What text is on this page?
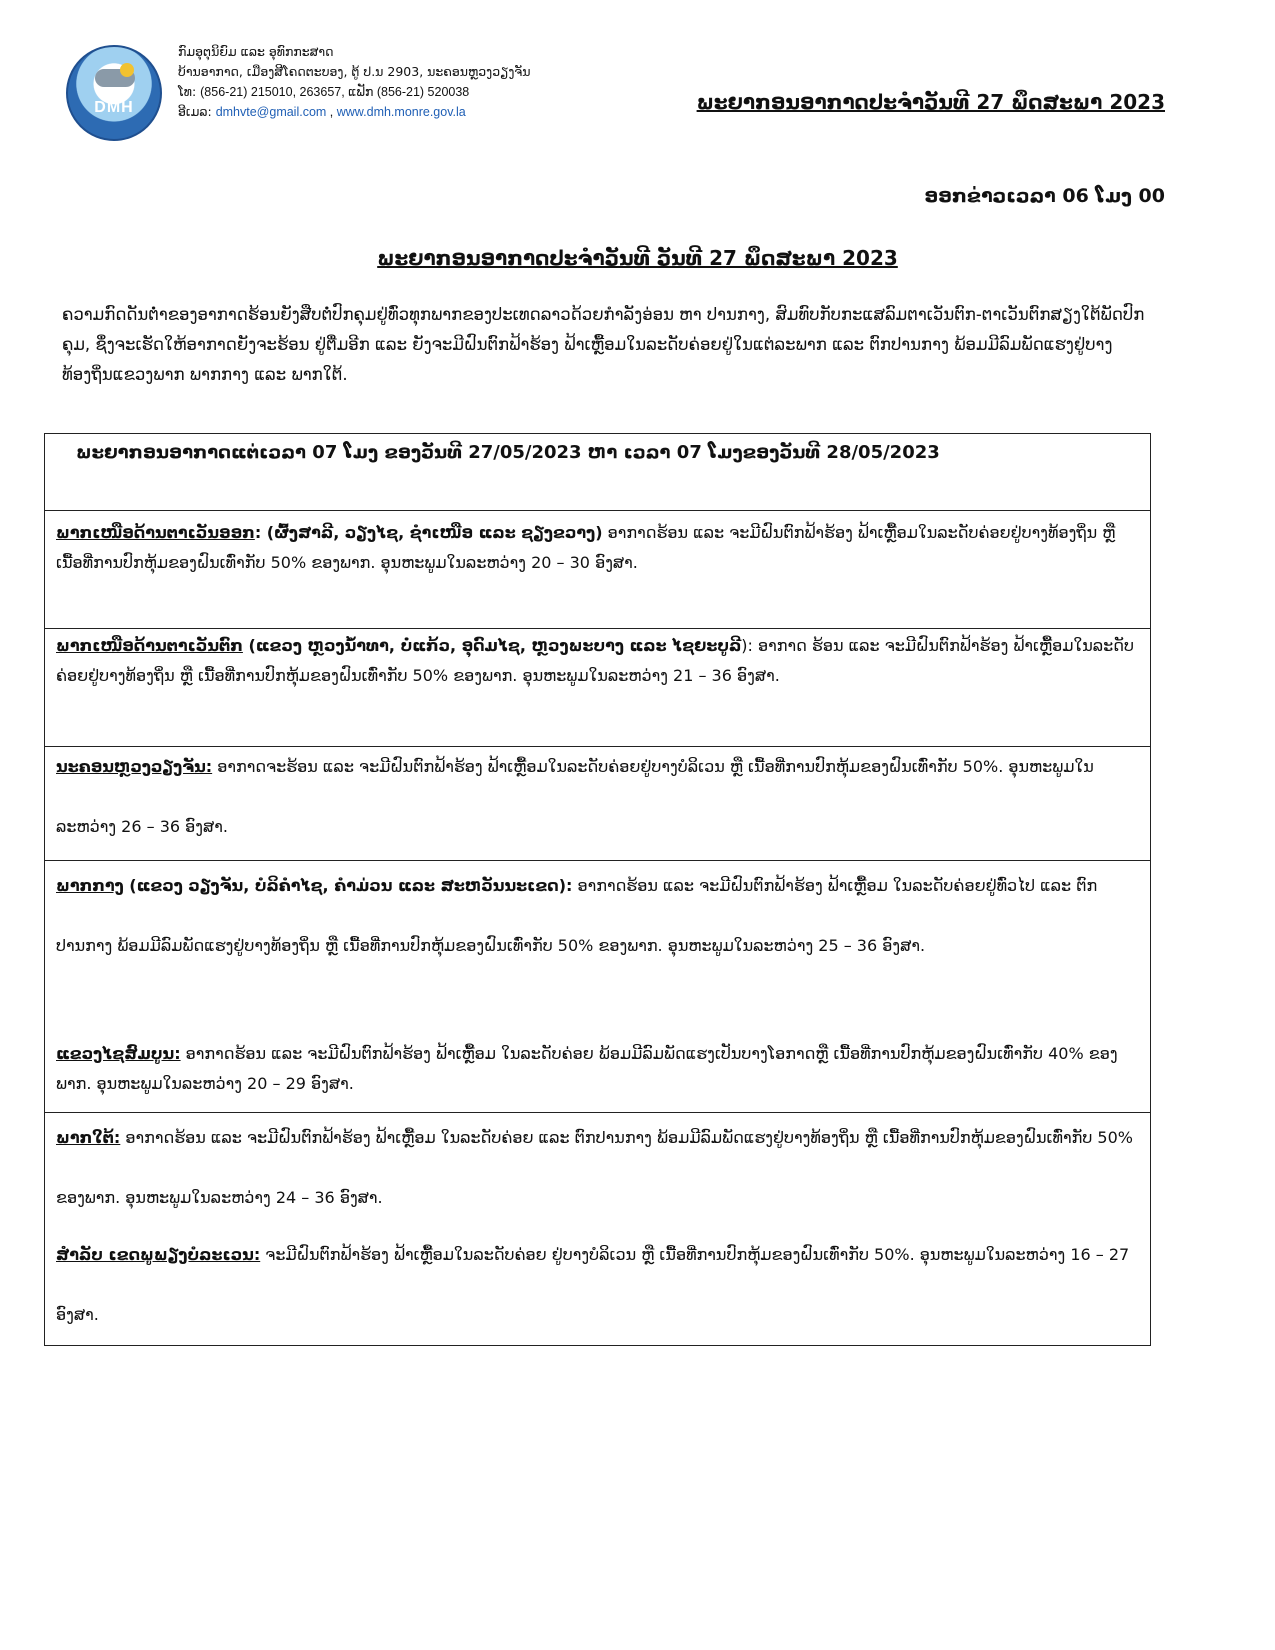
DMH
ກົມອຸຕຸນິຍົມ ແລະ ອຸທົກກະສາດ
ບ້ານອາກາດ, ເມືອງສີໂຄດຕະບອງ, ຕູ້ ປ.ນ 2903, ນະຄອນຫຼວງວຽງຈັນ
ໂທ: (856-21) 215010, 263657, ແຟັກ (856-21) 520038
ອີເມລ: dmhvte@gmail.com , www.dmh.monre.gov.la	ພະຍາກອນອາກາດປະຈຳວັນທີ 27 ພຶດສະພາ 2023
ອອກຂ່າວເວລາ 06 ໂມງ 00
ພະຍາກອນອາກາດປະຈຳວັນທີ ວັນທີ 27 ພຶດສະພາ 2023
ຄວາມກົດດັນຕ່ຳຂອງອາກາດຮ້ອນຍັງສືບຕໍ່ປົກຄຸມຢູ່ທົ່ວທຸກພາກຂອງປະເທດລາວດ້ວຍກຳລັງອ່ອນ ຫາ ປານກາງ, ສົມທົບກັບກະແສລົມຕາເວັນຕົກ-ຕາເວັນຕົກສຽງໃຕ້ພັດປົກຄຸມ, ຊຶ່ງຈະເຮັດໃຫ້ອາກາດຍັງຈະຮ້ອນ ຢູ່ຕື່ມອີກ ແລະ ຍັງຈະມີຝົນຕົກຟ້າຮ້ອງ ຟ້າເຫຼື້ອມໃນລະດັບຄ່ອຍຢູ່ໃນແຕ່ລະພາກ ແລະ ຕົກປານກາງ ພ້ອມມີລົມພັດແຮງຢູ່ບາງທ້ອງຖິ່ນແຂວງພາກ ພາກກາງ ແລະ ພາກໃຕ້.
ພະຍາກອນອາກາດແຕ່ເວລາ 07 ໂມງ ຂອງວັນທີ 27/05/2023 ຫາ ເວລາ 07 ໂມງຂອງວັນທີ 28/05/2023
ພາກເໜືອດ້ານຕາເວັນອອກ: (ຜົ້ງສາລີ, ວຽງໄຊ, ຊຳເໜືອ ແລະ ຊຽງຂວາງ) ອາກາດຮ້ອນ ແລະ ຈະມີຝົນຕົກຟ້າຮ້ອງ ຟ້າເຫຼື້ອມໃນລະດັບຄ່ອຍຢູ່ບາງທ້ອງຖິ່ນ ຫຼື ເນື້ອທີ່ການປົກຫຸ້ມຂອງຝົນເທົ່າກັບ 50% ຂອງພາກ. ອຸນຫະພູມໃນລະຫວ່າງ 20 – 30 ອົງສາ.
ພາກເໜືອດ້ານຕາເວັນຕົກ (ແຂວງ ຫຼວງນ້ຳທາ, ບໍ່ແກ້ວ, ອຸດົມໄຊ, ຫຼວງພະບາງ ແລະ ໄຊຍະບູລີ): ອາກາດ ຮ້ອນ ແລະ ຈະມີຝົນຕົກຟ້າຮ້ອງ ຟ້າເຫຼື້ອມໃນລະດັບຄ່ອຍຢູ່ບາງທ້ອງຖິ່ນ ຫຼື ເນື້ອທີ່ການປົກຫຸ້ມຂອງຝົນເທົ່າກັບ 50% ຂອງພາກ. ອຸນຫະພູມໃນລະຫວ່າງ 21 – 36 ອົງສາ.
ນະຄອນຫຼວງວຽງຈັນ: ອາກາດຈະຮ້ອນ ແລະ ຈະມີຝົນຕົກຟ້າຮ້ອງ ຟ້າເຫຼື້ອມໃນລະດັບຄ່ອຍຢູ່ບາງບໍລິເວນ ຫຼື ເນື້ອທີ່ການປົກຫຸ້ມຂອງຝົນເທົ່າກັບ 50%. ອຸນຫະພູມໃນລະຫວ່າງ 26 – 36 ອົງສາ.
ພາກກາງ (ແຂວງ ວຽງຈັນ, ບໍລິຄຳໄຊ, ຄຳມ່ວນ ແລະ ສະຫວັນນະເຂດ): ອາກາດຮ້ອນ ແລະ ຈະມີຝົນຕົກຟ້າຮ້ອງ ຟ້າເຫຼື້ອມ ໃນລະດັບຄ່ອຍຢູ່ທົ່ວໄປ ແລະ ຕົກປານກາງ ພ້ອມມີລົມພັດແຮງຢູ່ບາງທ້ອງຖິ່ນ ຫຼື ເນື້ອທີ່ການປົກຫຸ້ມຂອງຝົນເທົ່າກັບ 50% ຂອງພາກ. ອຸນຫະພູມໃນລະຫວ່າງ 25 – 36 ອົງສາ.
ແຂວງໄຊສົມບູນ: ອາກາດຮ້ອນ ແລະ ຈະມີຝົນຕົກຟ້າຮ້ອງ ຟ້າເຫຼື້ອມ ໃນລະດັບຄ່ອຍ ພ້ອມມີລົມພັດແຮງເປັນບາງໂອກາດຫຼື ເນື້ອທີ່ການປົກຫຸ້ມຂອງຝົນເທົ່າກັບ 40% ຂອງພາກ. ອຸນຫະພູມໃນລະຫວ່າງ 20 – 29 ອົງສາ.
ພາກໃຕ້: ອາກາດຮ້ອນ ແລະ ຈະມີຝົນຕົກຟ້າຮ້ອງ ຟ້າເຫຼື້ອມ ໃນລະດັບຄ່ອຍ ແລະ ຕົກປານກາງ ພ້ອມມີລົມພັດແຮງຢູ່ບາງທ້ອງຖິ່ນ ຫຼື ເນື້ອທີ່ການປົກຫຸ້ມຂອງຝົນເທົ່າກັບ 50% ຂອງພາກ. ອຸນຫະພູມໃນລະຫວ່າງ 24 – 36 ອົງສາ.
ສຳລັບ ເຂດພູພຽງບໍລະເວນ: ຈະມີຝົນຕົກຟ້າຮ້ອງ ຟ້າເຫຼື້ອມໃນລະດັບຄ່ອຍ ຢູ່ບາງບໍລິເວນ ຫຼື ເນື້ອທີ່ການປົກຫຸ້ມຂອງຝົນເທົ່າກັບ 50%. ອຸນຫະພູມໃນລະຫວ່າງ 16 – 27 ອົງສາ.
